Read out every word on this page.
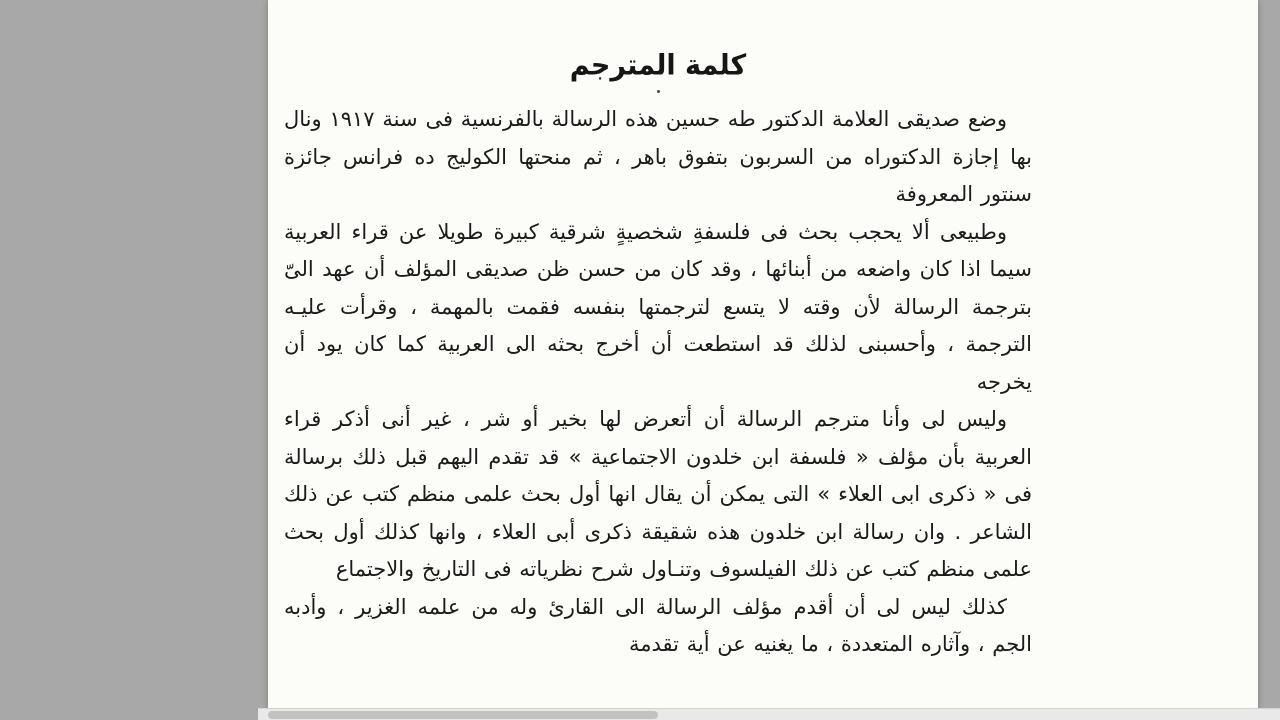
كلمة المترجم

وضع صديقى العلامة الدكتور طه حسين هذه الرسالة بالفرنسية فى سنة ١٩١٧ ونال بها إجازة الدكتوراه من السربون بتفوق باهر ، ثم منحتها الكوليج ده فرانس جائزة سنتور المعروفة

وطبيعى ألا يحجب بحث فى فلسفةِ شخصيةٍ شرقية كبيرة طويلا عن قراء العربية سيما اذا كان واضعه من أبنائها ، وقد كان من حسن ظن صديقى المؤلف أن عهد الىّ بترجمة الرسالة لأن وقته لا يتسع لترجمتها بنفسه فقمت بالمهمة ، وقرأت عليـه الترجمة ، وأحسبنى لذلك قد استطعت أن أخرج بحثه الى العربية كما كان يود أن يخرجه

وليس لى وأنا مترجم الرسالة أن أتعرض لها بخير أو شر ، غير أنى أذكر قراء العربية بأن مؤلف « فلسفة ابن خلدون الاجتماعية » قد تقدم اليهم قبل ذلك برسالة فى « ذكرى ابى العلاء » التى يمكن أن يقال انها أول بحث علمى منظم كتب عن ذلك الشاعر . وان رسالة ابن خلدون هذه شقيقة ذكرى أبى العلاء ، وانها كذلك أول بحث علمى منظم كتب عن ذلك الفيلسوف وتنـاول شرح نظرياته فى التاريخ والاجتماع

كذلك ليس لى أن أقدم مؤلف الرسالة الى القارئ وله من علمه الغزير ، وأدبه الجم ، وآثاره المتعددة ، ما يغنيه عن أية تقدمة
